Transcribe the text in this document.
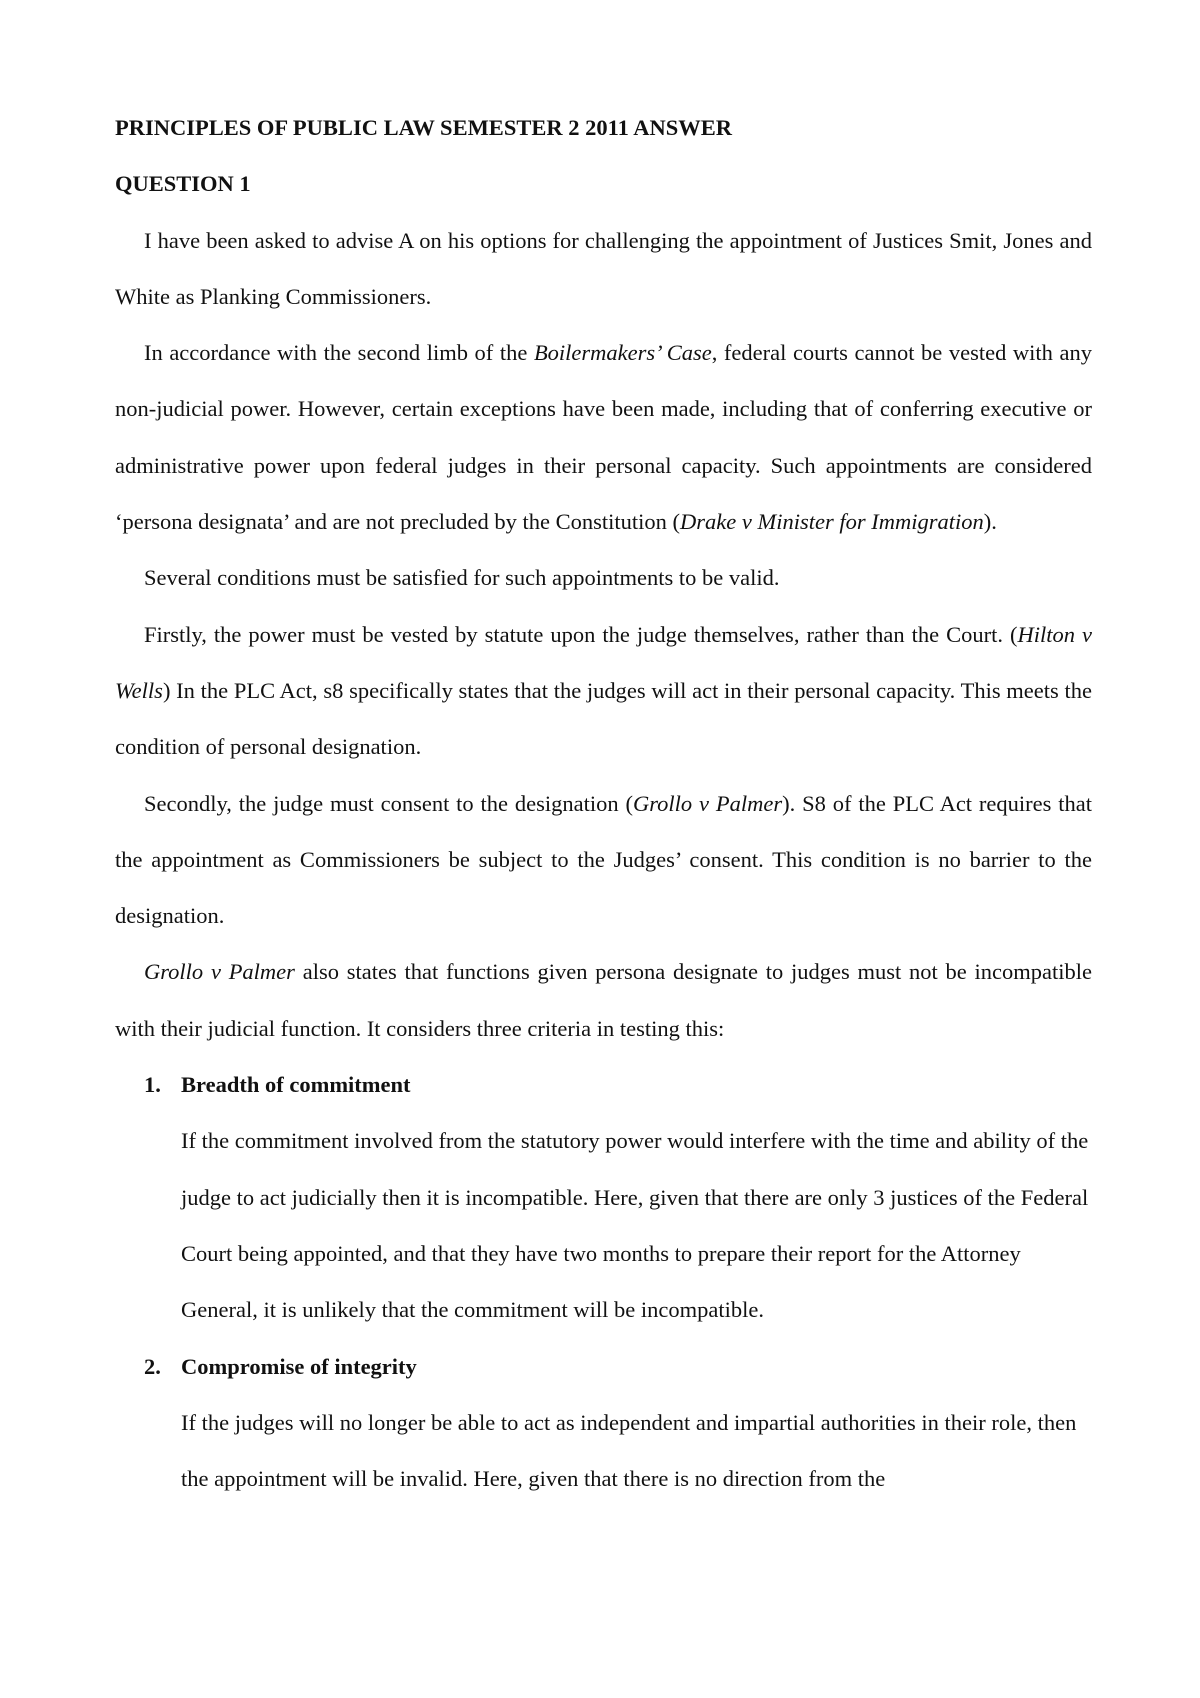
PRINCIPLES OF PUBLIC LAW SEMESTER 2 2011 ANSWER

QUESTION 1

I have been asked to advise A on his options for challenging the appointment of Justices Smit, Jones and White as Planking Commissioners.

In accordance with the second limb of the Boilermakers’ Case, federal courts cannot be vested with any non-judicial power. However, certain exceptions have been made, including that of conferring executive or administrative power upon federal judges in their personal capacity. Such appointments are considered ‘persona designata’ and are not precluded by the Constitution (Drake v Minister for Immigration).

Several conditions must be satisfied for such appointments to be valid.

Firstly, the power must be vested by statute upon the judge themselves, rather than the Court. (Hilton v Wells) In the PLC Act, s8 specifically states that the judges will act in their personal capacity. This meets the condition of personal designation.

Secondly, the judge must consent to the designation (Grollo v Palmer). S8 of the PLC Act requires that the appointment as Commissioners be subject to the Judges’ consent. This condition is no barrier to the designation.

Grollo v Palmer also states that functions given persona designate to judges must not be incompatible with their judicial function. It considers three criteria in testing this:

1. Breadth of commitment

If the commitment involved from the statutory power would interfere with the time and ability of the judge to act judicially then it is incompatible. Here, given that there are only 3 justices of the Federal Court being appointed, and that they have two months to prepare their report for the Attorney General, it is unlikely that the commitment will be incompatible.

2. Compromise of integrity

If the judges will no longer be able to act as independent and impartial authorities in their role, then the appointment will be invalid. Here, given that there is no direction from the
